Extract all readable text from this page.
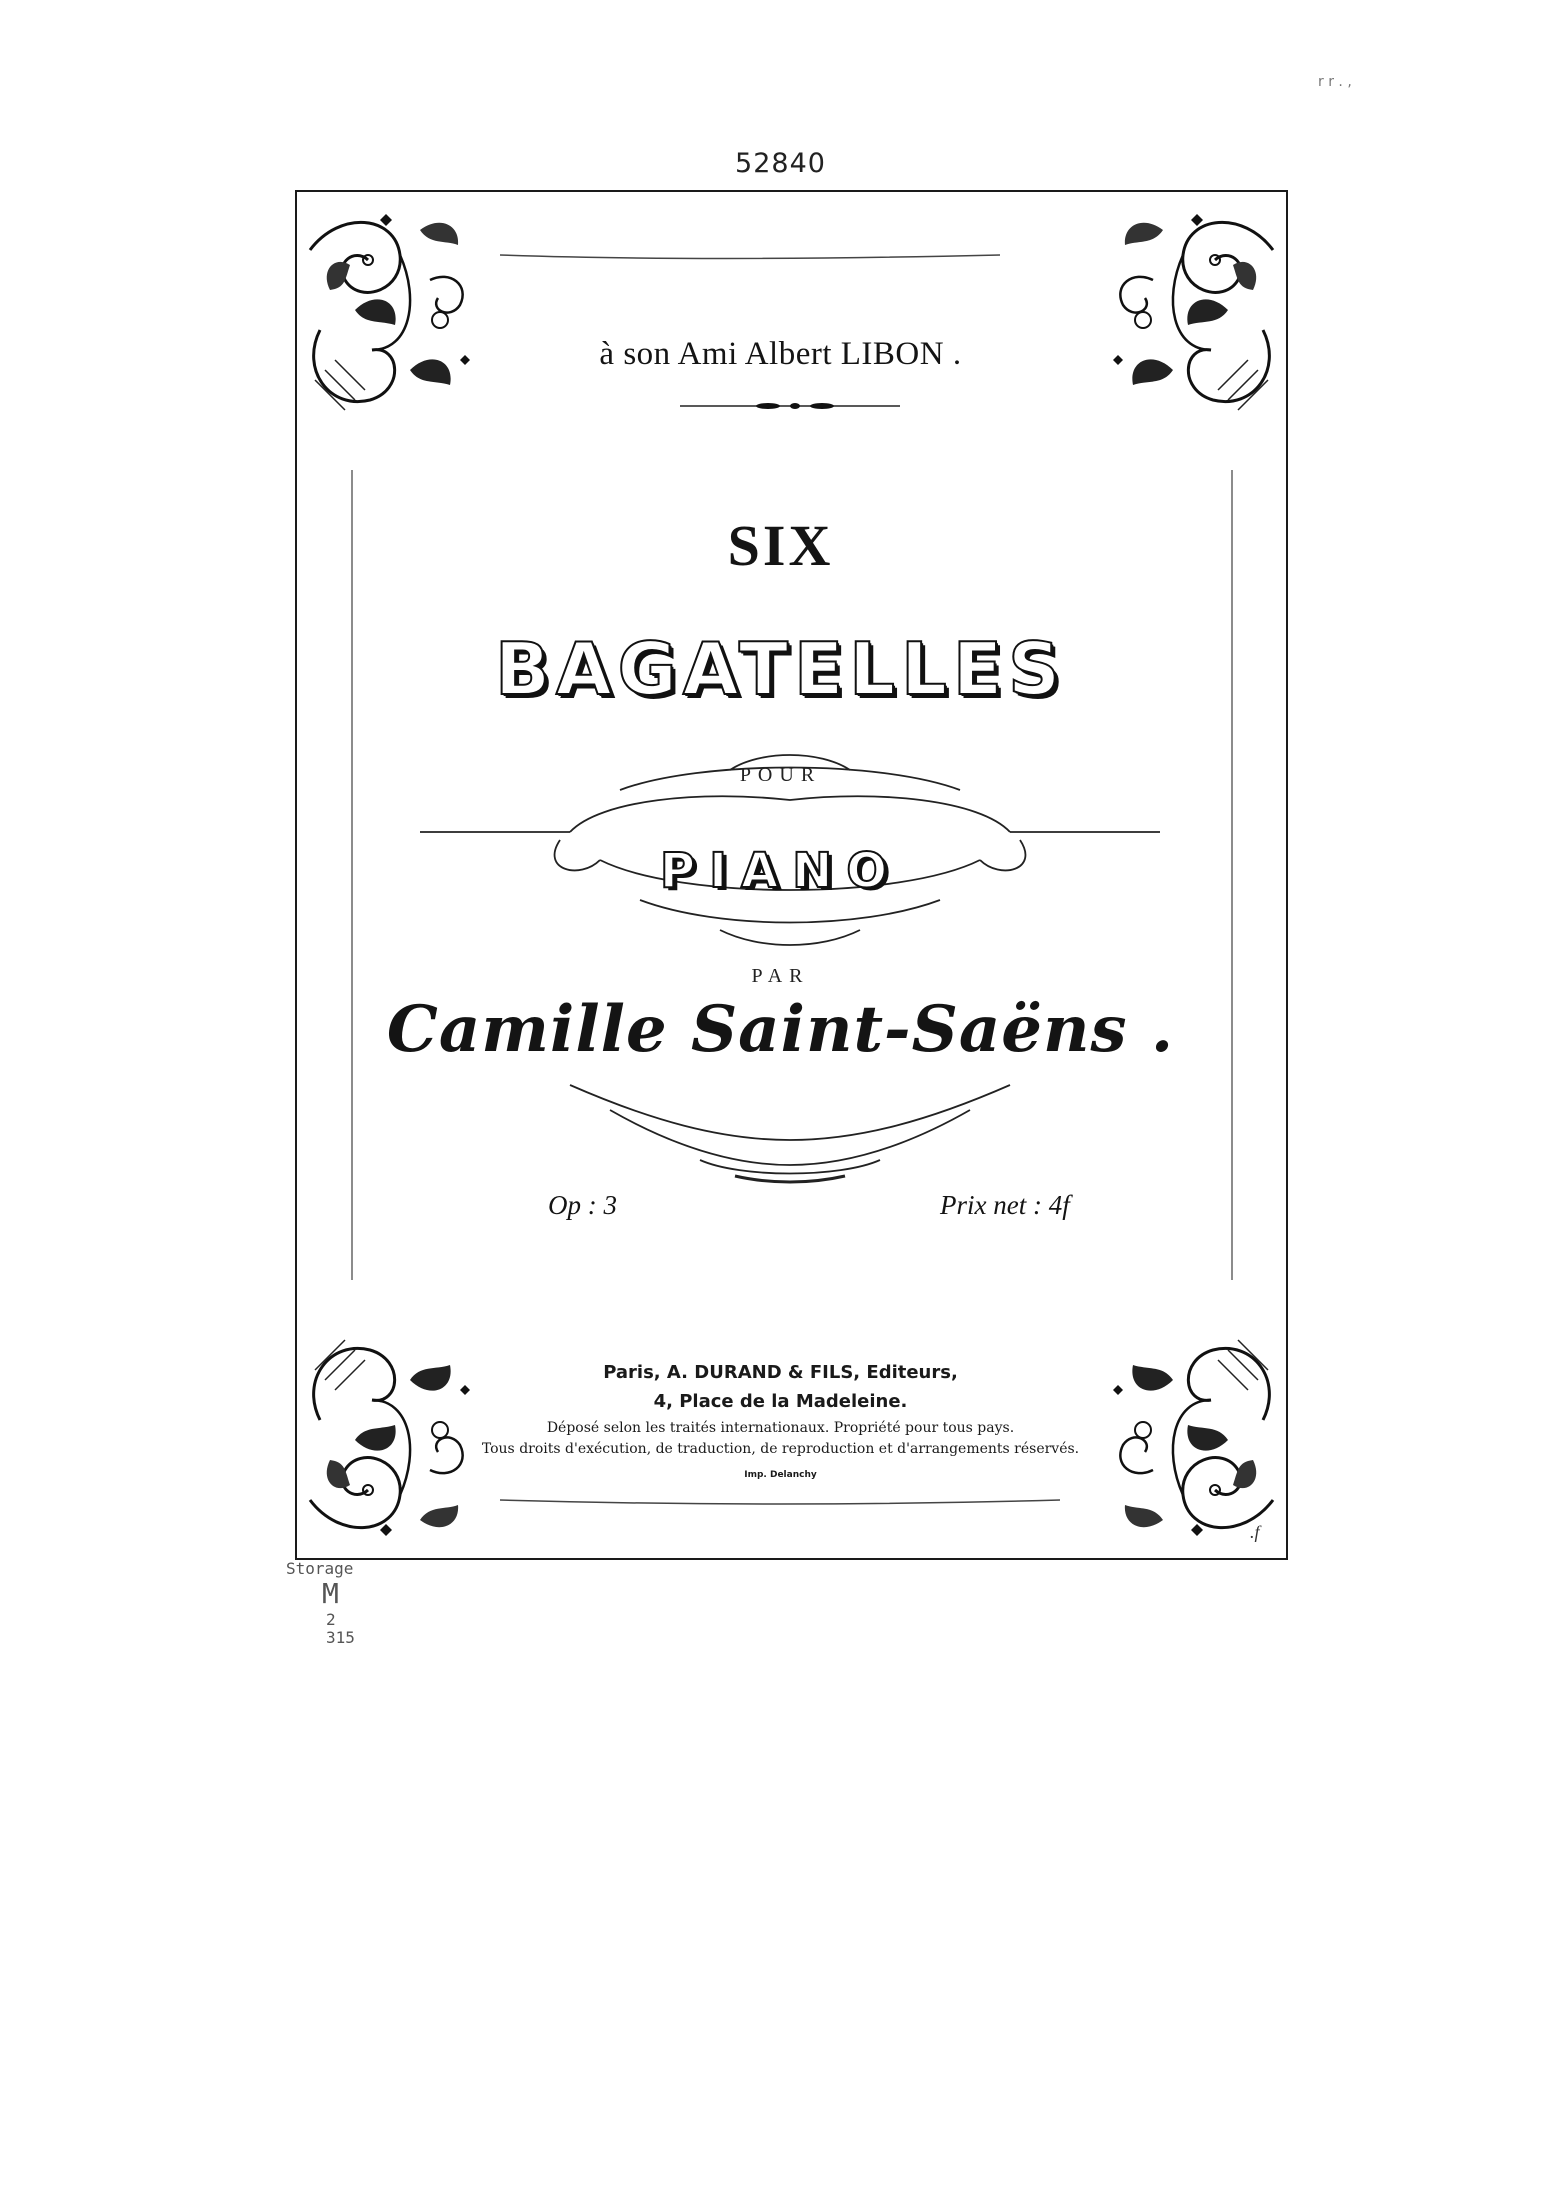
52840
r r . ,
à son Ami Albert LIBON .
SIX
BAGATELLES
POUR
PIANO
PAR
Camille Saint-Saëns .
Op : 3	Prix net : 4f
Paris, A. DURAND & FILS, Editeurs,
4, Place de la Madeleine.
Déposé selon les traités internationaux. Propriété pour tous pays.
Tous droits d'exécution, de traduction, de reproduction et d'arrangements réservés.
Imp. Delanchy
.f
Storage
M
2
315
